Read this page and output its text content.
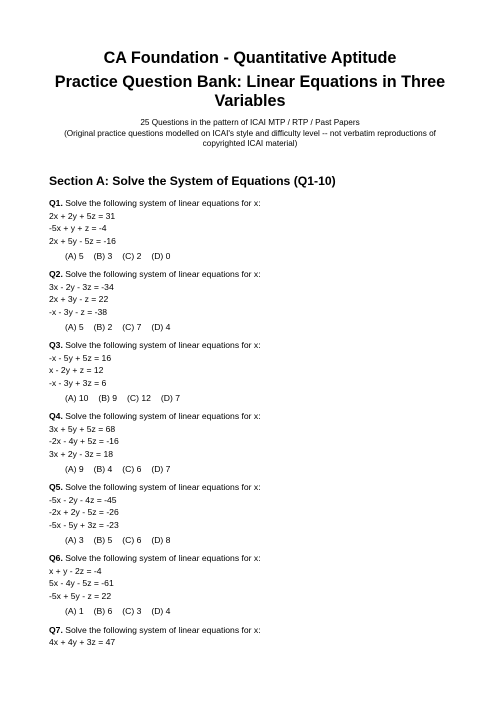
CA Foundation - Quantitative Aptitude
Practice Question Bank: Linear Equations in Three Variables
25 Questions in the pattern of ICAI MTP / RTP / Past Papers
(Original practice questions modelled on ICAI's style and difficulty level -- not verbatim reproductions of
copyrighted ICAI material)
Section A: Solve the System of Equations (Q1-10)
Q1. Solve the following system of linear equations for x:
2x + 2y + 5z = 31
-5x + y + z = -4
2x + 5y - 5z = -16
(A) 5 (B) 3 (C) 2 (D) 0
Q2. Solve the following system of linear equations for x:
3x - 2y - 3z = -34
2x + 3y - z = 22
-x - 3y - z = -38
(A) 5 (B) 2 (C) 7 (D) 4
Q3. Solve the following system of linear equations for x:
-x - 5y + 5z = 16
x - 2y + z = 12
-x - 3y + 3z = 6
(A) 10 (B) 9 (C) 12 (D) 7
Q4. Solve the following system of linear equations for x:
3x + 5y + 5z = 68
-2x - 4y + 5z = -16
3x + 2y - 3z = 18
(A) 9 (B) 4 (C) 6 (D) 7
Q5. Solve the following system of linear equations for x:
-5x - 2y - 4z = -45
-2x + 2y - 5z = -26
-5x - 5y + 3z = -23
(A) 3 (B) 5 (C) 6 (D) 8
Q6. Solve the following system of linear equations for x:
x + y - 2z = -4
5x - 4y - 5z = -61
-5x + 5y - z = 22
(A) 1 (B) 6 (C) 3 (D) 4
Q7. Solve the following system of linear equations for x:
4x + 4y + 3z = 47
